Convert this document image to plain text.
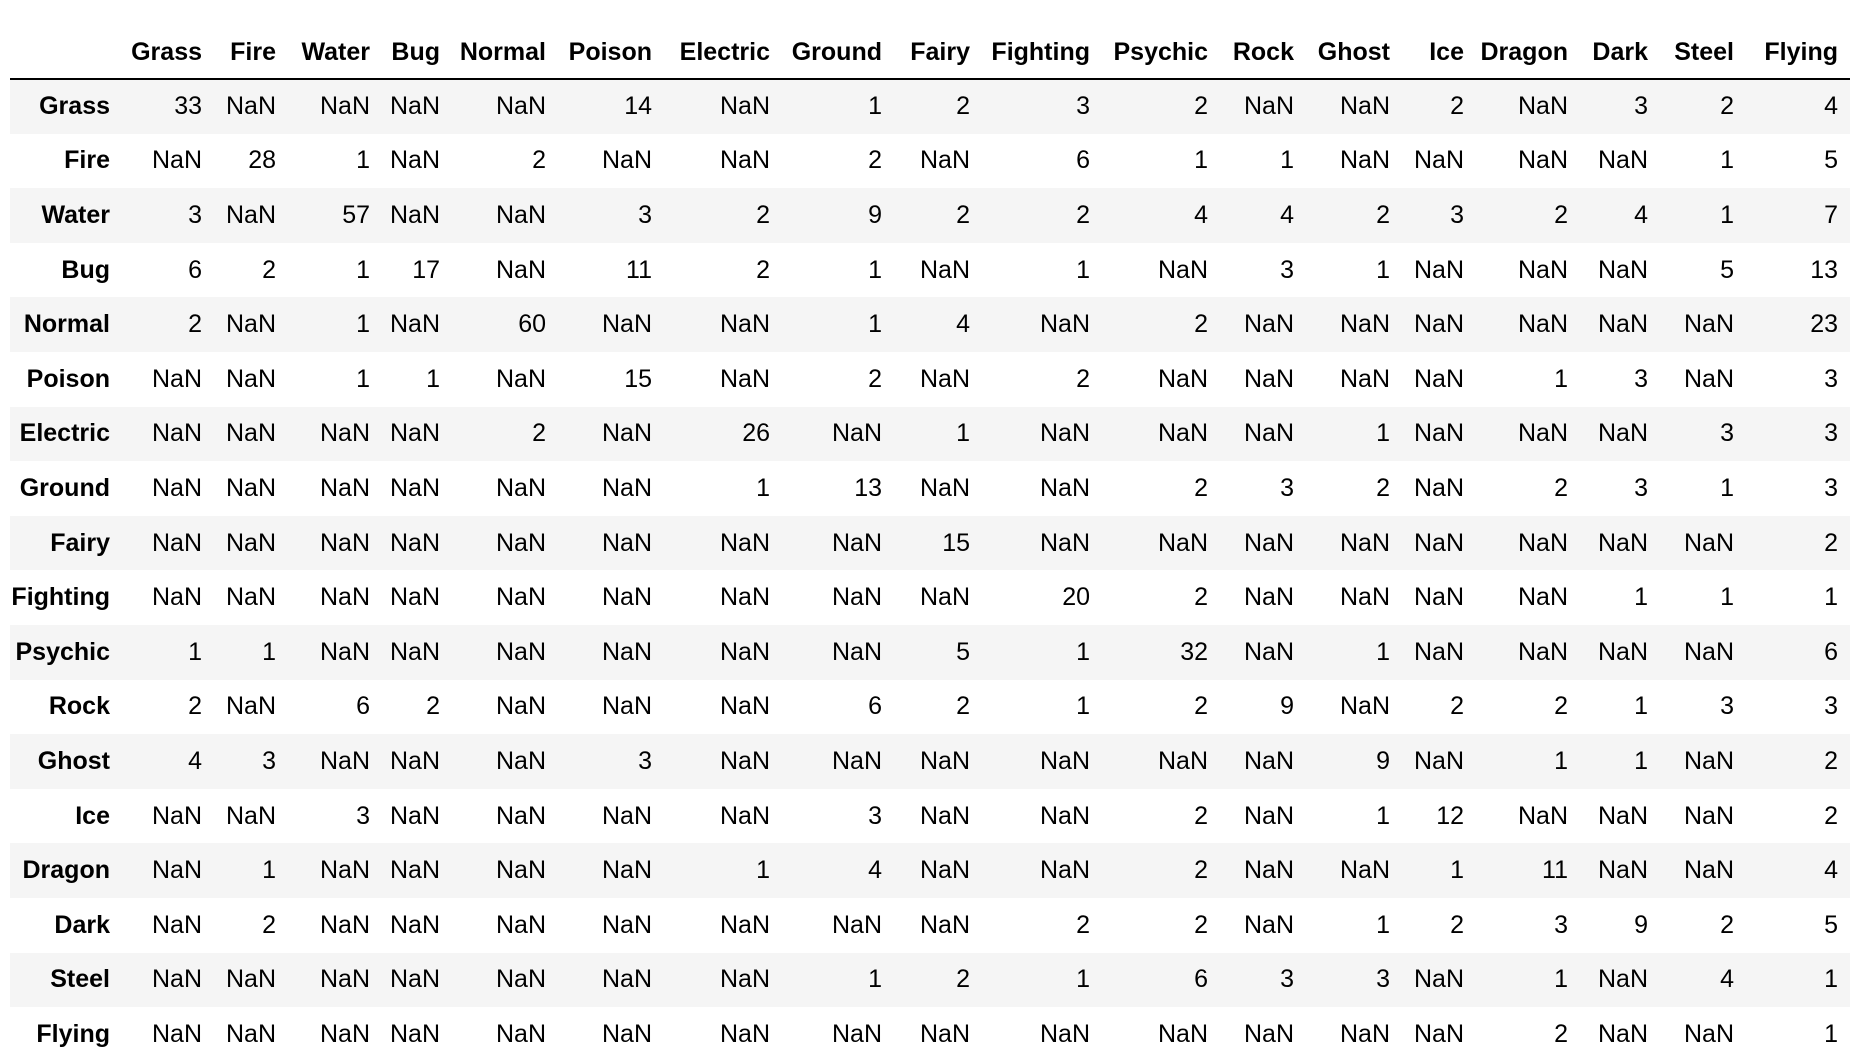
	Grass	Fire	Water	Bug	Normal	Poison	Electric	Ground	Fairy	Fighting	Psychic	Rock	Ghost	Ice	Dragon	Dark	Steel	Flying
Grass	33	NaN	NaN	NaN	NaN	14	NaN	1	2	3	2	NaN	NaN	2	NaN	3	2	4
Fire	NaN	28	1	NaN	2	NaN	NaN	2	NaN	6	1	1	NaN	NaN	NaN	NaN	1	5
Water	3	NaN	57	NaN	NaN	3	2	9	2	2	4	4	2	3	2	4	1	7
Bug	6	2	1	17	NaN	11	2	1	NaN	1	NaN	3	1	NaN	NaN	NaN	5	13
Normal	2	NaN	1	NaN	60	NaN	NaN	1	4	NaN	2	NaN	NaN	NaN	NaN	NaN	NaN	23
Poison	NaN	NaN	1	1	NaN	15	NaN	2	NaN	2	NaN	NaN	NaN	NaN	1	3	NaN	3
Electric	NaN	NaN	NaN	NaN	2	NaN	26	NaN	1	NaN	NaN	NaN	1	NaN	NaN	NaN	3	3
Ground	NaN	NaN	NaN	NaN	NaN	NaN	1	13	NaN	NaN	2	3	2	NaN	2	3	1	3
Fairy	NaN	NaN	NaN	NaN	NaN	NaN	NaN	NaN	15	NaN	NaN	NaN	NaN	NaN	NaN	NaN	NaN	2
Fighting	NaN	NaN	NaN	NaN	NaN	NaN	NaN	NaN	NaN	20	2	NaN	NaN	NaN	NaN	1	1	1
Psychic	1	1	NaN	NaN	NaN	NaN	NaN	NaN	5	1	32	NaN	1	NaN	NaN	NaN	NaN	6
Rock	2	NaN	6	2	NaN	NaN	NaN	6	2	1	2	9	NaN	2	2	1	3	3
Ghost	4	3	NaN	NaN	NaN	3	NaN	NaN	NaN	NaN	NaN	NaN	9	NaN	1	1	NaN	2
Ice	NaN	NaN	3	NaN	NaN	NaN	NaN	3	NaN	NaN	2	NaN	1	12	NaN	NaN	NaN	2
Dragon	NaN	1	NaN	NaN	NaN	NaN	1	4	NaN	NaN	2	NaN	NaN	1	11	NaN	NaN	4
Dark	NaN	2	NaN	NaN	NaN	NaN	NaN	NaN	NaN	2	2	NaN	1	2	3	9	2	5
Steel	NaN	NaN	NaN	NaN	NaN	NaN	NaN	1	2	1	6	3	3	NaN	1	NaN	4	1
Flying	NaN	NaN	NaN	NaN	NaN	NaN	NaN	NaN	NaN	NaN	NaN	NaN	NaN	NaN	2	NaN	NaN	1
